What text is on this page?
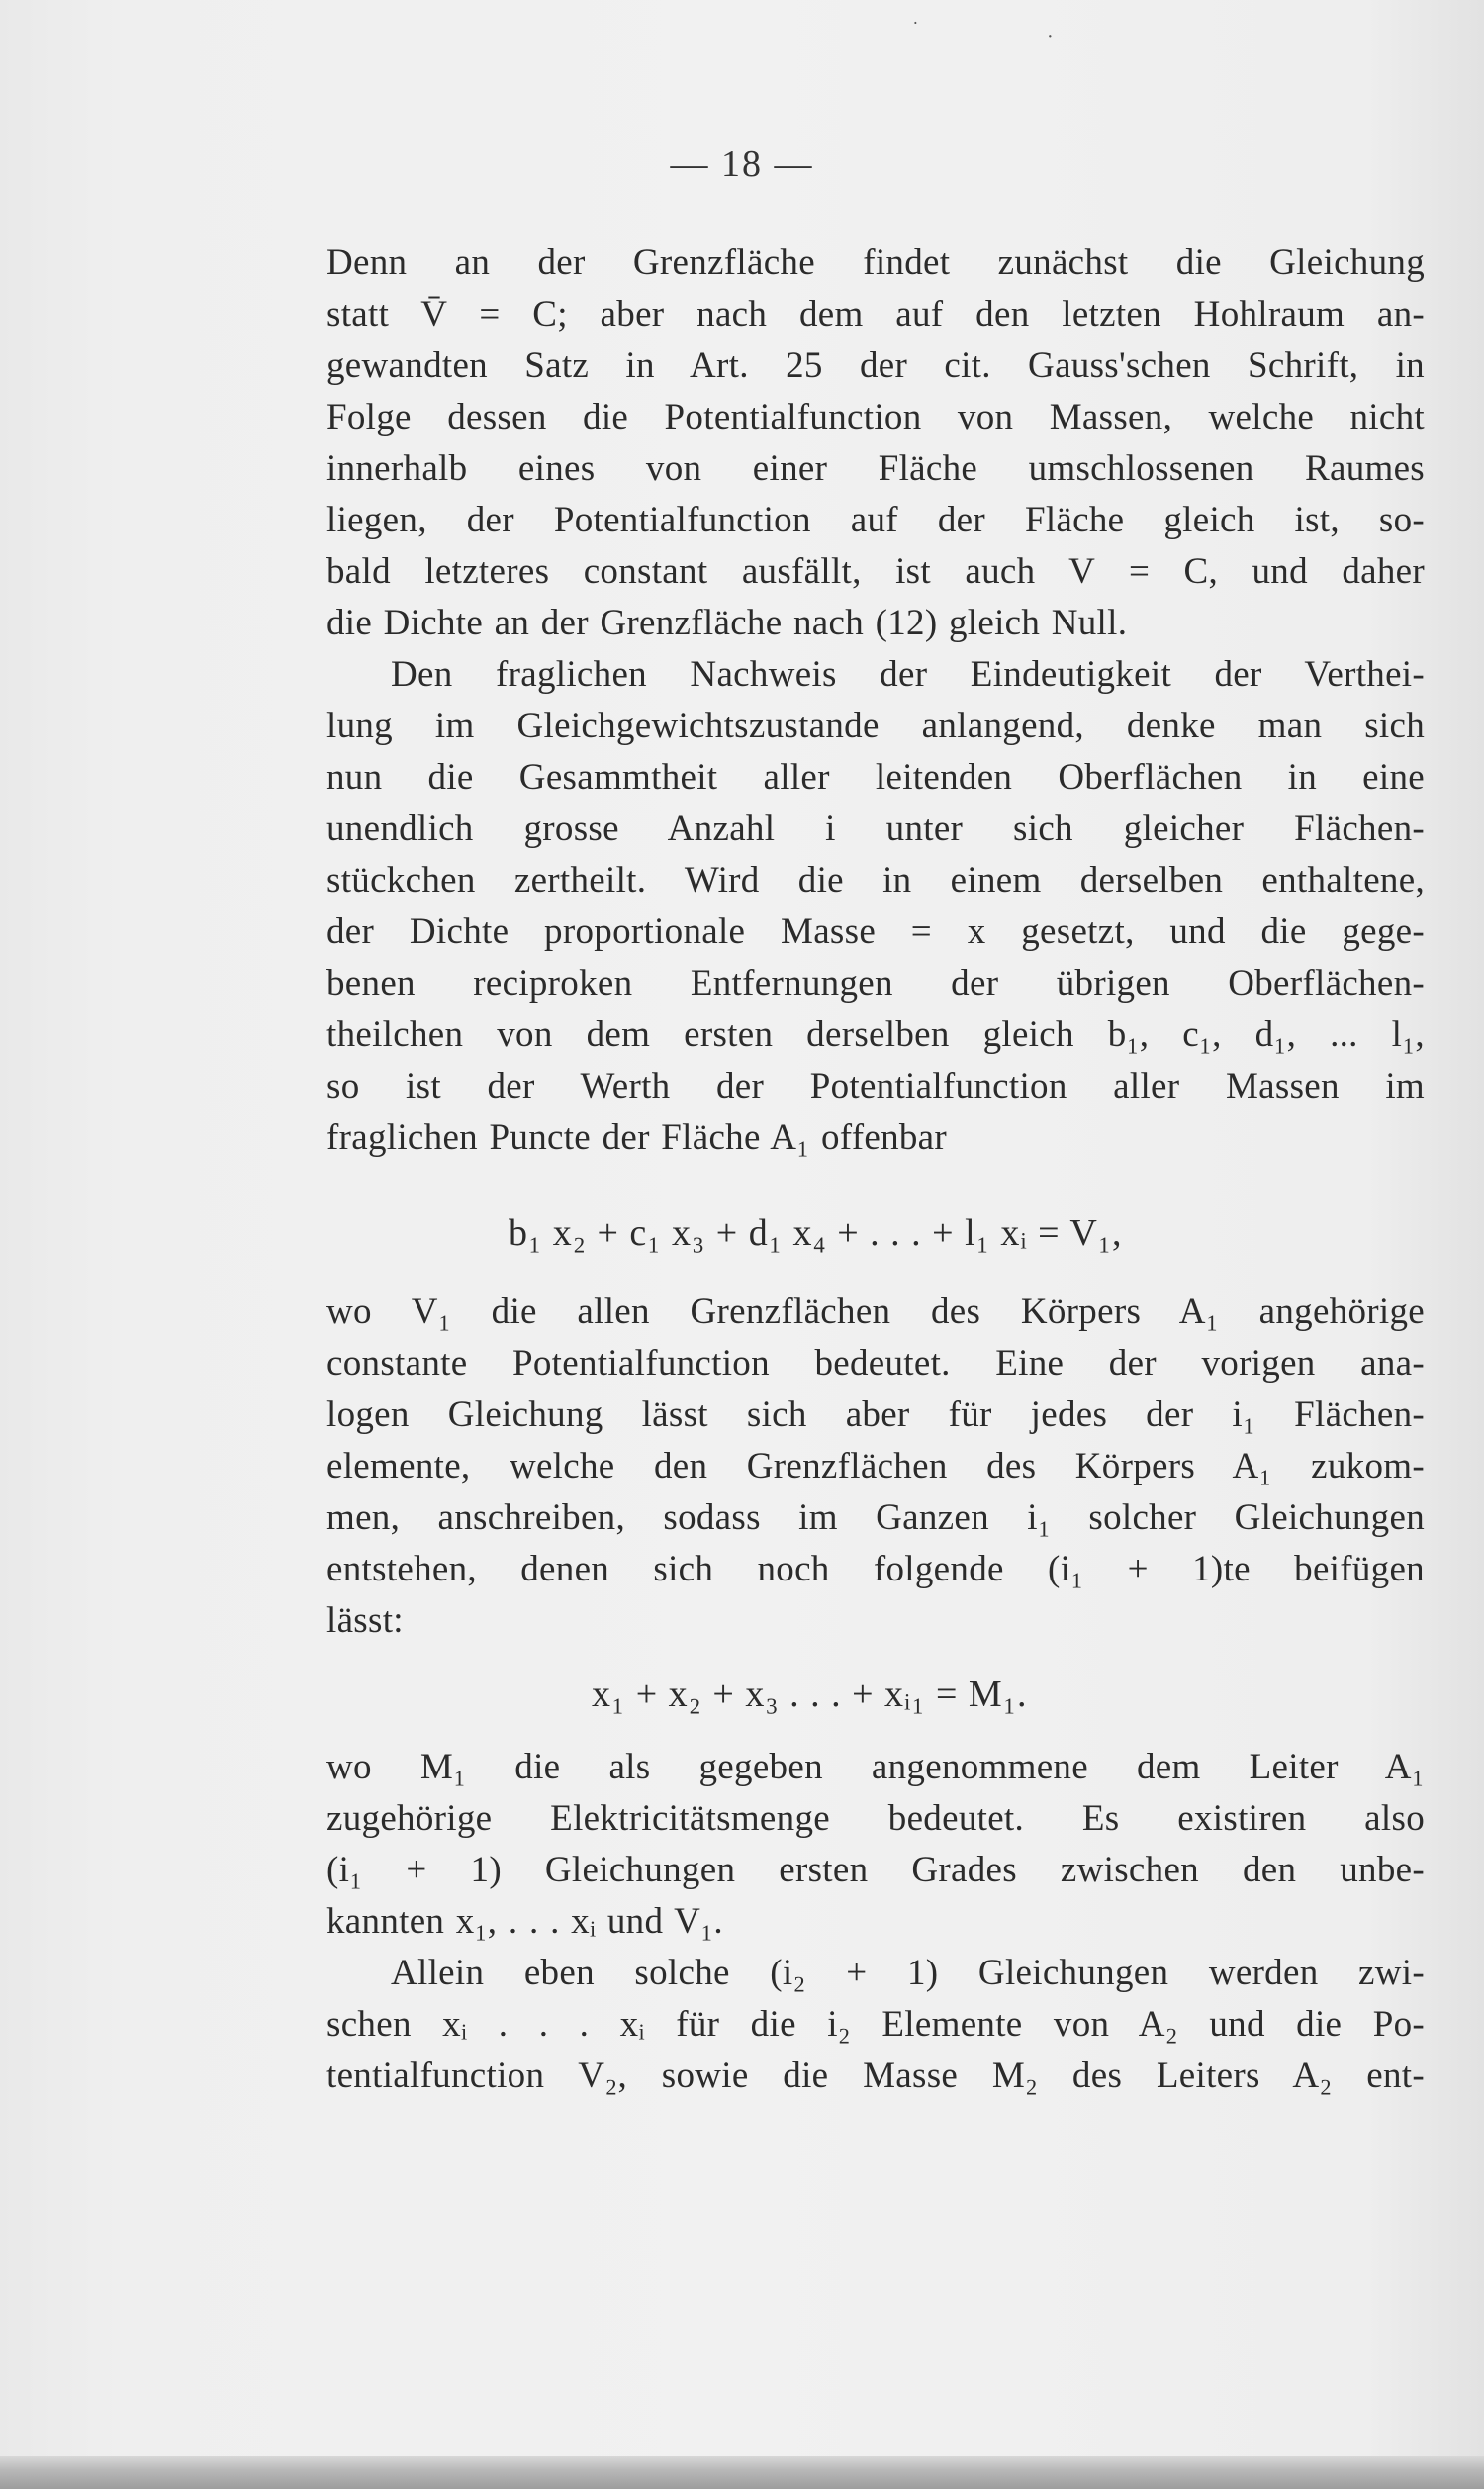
˙	·
— 18 —
Denn an der Grenzfläche findet zunächst die Gleichung
statt V̄ = C; aber nach dem auf den letzten Hohlraum an-
gewandten Satz in Art. 25 der cit. Gauss'schen Schrift, in
Folge dessen die Potentialfunction von Massen, welche nicht
innerhalb eines von einer Fläche umschlossenen Raumes
liegen, der Potentialfunction auf der Fläche gleich ist, so-
bald letzteres constant ausfällt, ist auch V = C, und daher
die Dichte an der Grenzfläche nach (12) gleich Null.
Den fraglichen Nachweis der Eindeutigkeit der Verthei-
lung im Gleichgewichtszustande anlangend, denke man sich
nun die Gesammtheit aller leitenden Oberflächen in eine
unendlich grosse Anzahl i unter sich gleicher Flächen-
stückchen zertheilt. Wird die in einem derselben enthaltene,
der Dichte proportionale Masse = x gesetzt, und die gege-
benen reciproken Entfernungen der übrigen Oberflächen-
theilchen von dem ersten derselben gleich b₁, c₁, d₁, ... l₁,
so ist der Werth der Potentialfunction aller Massen im
fraglichen Puncte der Fläche A₁ offenbar
b₁ x₂ + c₁ x₃ + d₁ x₄ + . . . + l₁ xᵢ = V₁,
wo V₁ die allen Grenzflächen des Körpers A₁ angehörige
constante Potentialfunction bedeutet. Eine der vorigen ana-
logen Gleichung lässt sich aber für jedes der i₁ Flächen-
elemente, welche den Grenzflächen des Körpers A₁ zukom-
men, anschreiben, sodass im Ganzen i₁ solcher Gleichungen
entstehen, denen sich noch folgende (i₁ + 1)te beifügen
lässt:
x₁ + x₂ + x₃ . . . + xᵢ₁ = M₁.
wo M₁ die als gegeben angenommene dem Leiter A₁
zugehörige Elektricitätsmenge bedeutet. Es existiren also
(i₁ + 1) Gleichungen ersten Grades zwischen den unbe-
kannten x₁, . . . xᵢ und V₁.
Allein eben solche (i₂ + 1) Gleichungen werden zwi-
schen xᵢ . . . xᵢ für die i₂ Elemente von A₂ und die Po-
tentialfunction V₂, sowie die Masse M₂ des Leiters A₂ ent-
